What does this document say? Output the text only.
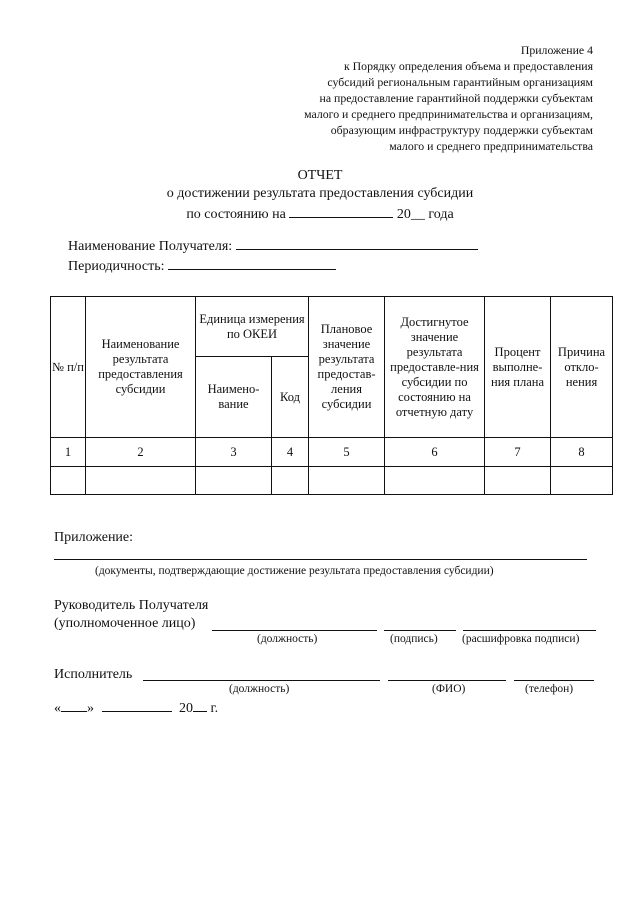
Приложение 4
к Порядку определения объема и предоставления
субсидий региональным гарантийным организациям
на предоставление гарантийной поддержки субъектам
малого и среднего предпринимательства и организациям,
образующим инфраструктуру поддержки субъектам
малого и среднего предпринимательства
ОТЧЕТ
о достижении результата предоставления субсидии
по состоянию на	20__ года
Наименование Получателя:
Периодичность:
№ п/п	Наименование результата предоставления субсидии	Единица измерения по ОКЕИ		Плановое значение результата предостав-ления субсидии	Достигнутое значение результата предоставле-ния субсидии по состоянию на отчетную дату	Процент выполне-ния плана	Причина откло-нения
		Наимено-вание	Код				
1	2	3	4	5	6	7	8

Приложение:
(документы, подтверждающие достижение результата предоставления субсидии)
Руководитель Получателя
(уполномоченное лицо)
(должность)	(подпись) (расшифровка подписи)
Исполнитель
(должность)	(ФИО)	(телефон)
« »	20 г.
